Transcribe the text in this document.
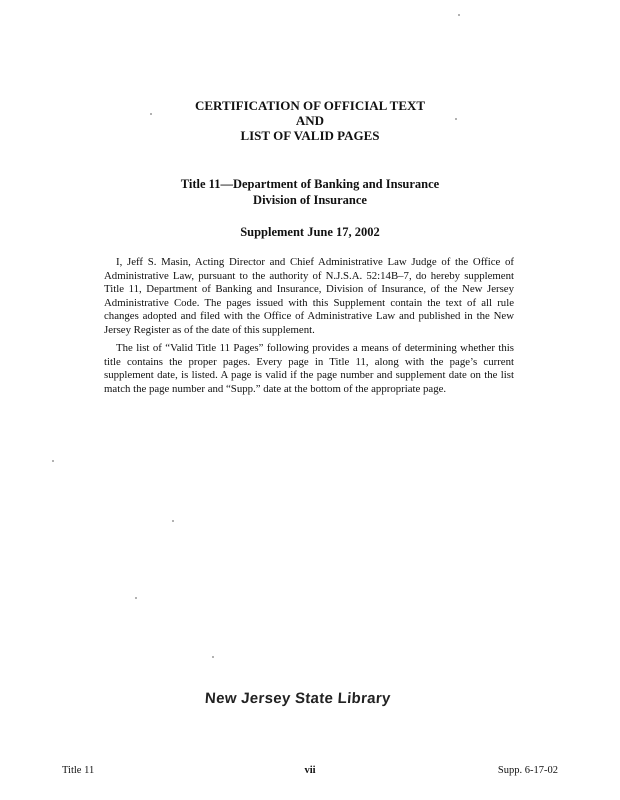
CERTIFICATION OF OFFICIAL TEXT
AND
LIST OF VALID PAGES
Title 11—Department of Banking and Insurance
Division of Insurance
Supplement June 17, 2002
I, Jeff S. Masin, Acting Director and Chief Administrative Law Judge of the Office of Administrative Law, pursuant to the authority of N.J.S.A. 52:14B–7, do hereby supplement Title 11, Department of Banking and Insurance, Division of Insurance, of the New Jersey Administrative Code. The pages issued with this Supplement contain the text of all rule changes adopted and filed with the Office of Administrative Law and published in the New Jersey Register as of the date of this supplement.
The list of “Valid Title 11 Pages” following provides a means of determining whether this title contains the proper pages. Every page in Title 11, along with the page’s current supplement date, is listed. A page is valid if the page number and supplement date on the list match the page number and “Supp.” date at the bottom of the appropriate page.
New Jersey State Library
Title 11	vii	Supp. 6-17-02
